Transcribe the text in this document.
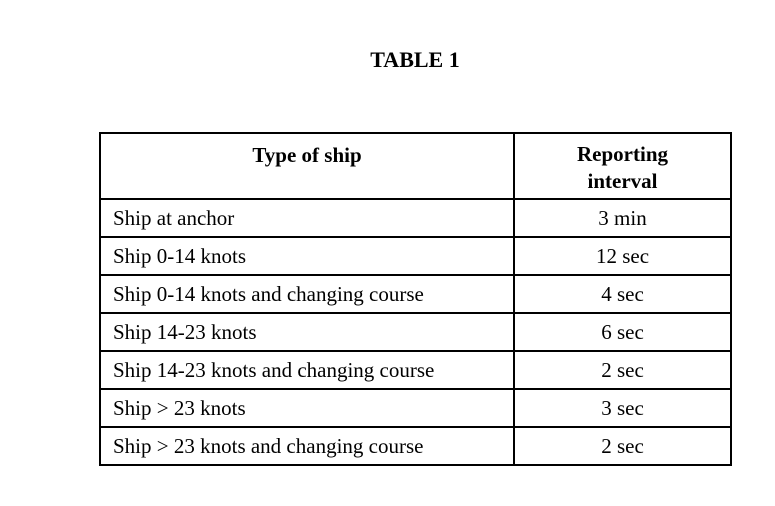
TABLE 1
Type of ship	Reporting
interval

Ship at anchor	3 min
Ship 0-14 knots	12 sec
Ship 0-14 knots and changing course	4 sec
Ship 14-23 knots	6 sec
Ship 14-23 knots and changing course	2 sec
Ship > 23 knots	3 sec
Ship > 23 knots and changing course	2 sec
